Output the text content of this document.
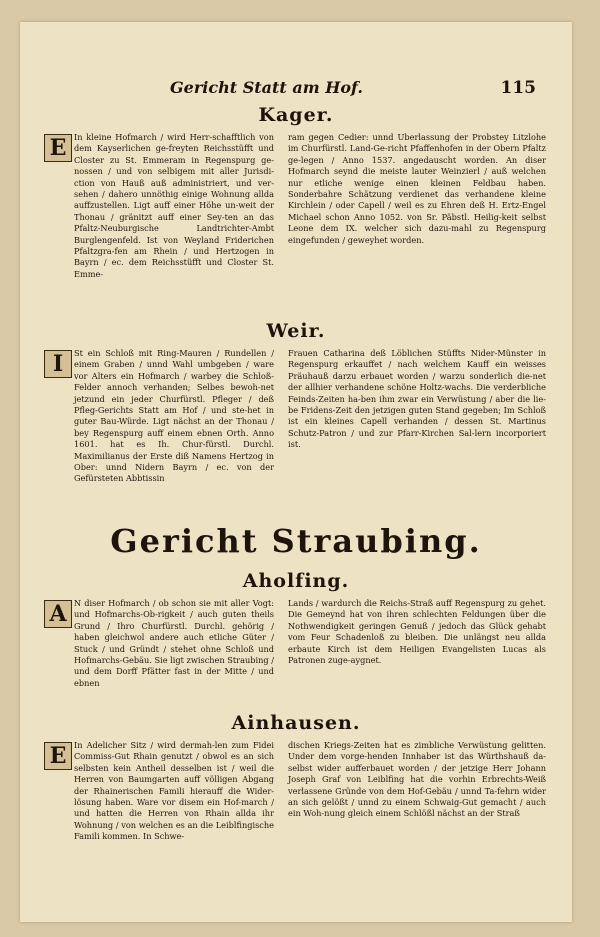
Gericht Statt am Hof.	115
Kager.
E In kleine Hofmarch / wird Herr-schafftlich von dem Kayserlichen ge-freyten Reichsstüfft und Closter zu St. Emmeram in Regenspurg ge-nossen / und von selbigem mit aller Jurisdi-ction von Hauß auß administriert, und ver-sehen / dahero unnöthig einige Wohnung allda auffzustellen. Ligt auff einer Höhe un-weit der Thonau / gränitzt auff einer Sey-ten an das Pfaltz-Neuburgische Landtrichter-Ambt Burglengenfeld. Ist von Weyland Friderichen Pfaltzgra-fen am Rhein / und Hertzogen in Bayrn / ec. dem Reichsstüfft und Closter St. Emme-

ram gegen Cedier: unnd Uberlassung der Probstey Litzlohe im Churfürstl. Land-Ge-richt Pfaffenhofen in der Obern Pfaltz ge-legen / Anno 1537. angedauscht worden. An diser Hofmarch seynd die meiste lauter Weinzierl / auß welchen nur etliche wenige einen kleinen Feldbau haben. Sonderbahre Schätzung verdienet das verhandene kleine Kirchlein / oder Capell / weil es zu Ehren deß H. Ertz-Engel Michael schon Anno 1052. von Sr. Päbstl. Heilig-keit selbst Leone dem IX. welcher sich dazu-mahl zu Regenspurg eingefunden / geweyhet worden.

Weir.
I	St ein Schloß mit Ring-Mauren / Rundellen / einem Graben / unnd Wahl umbgeben / ware vor Alters ein Hofmarch / warbey die Schloß-Felder annoch verhanden; Selbes bewoh-net jetzund ein jeder Churfürstl. Pfleger / deß Pfleg-Gerichts Statt am Hof / und ste-het in guter Bau-Würde. Ligt nächst an der Thonau / bey Regenspurg auff einem ebnen Orth. Anno 1601. hat es Ih. Chur-fürstl. Durchl. Maximilianus der Erste diß Namens Hertzog in Ober: unnd Nidern Bayrn / ec. von der Gefürsteten Abbtissin

Frauen Catharina deß Löblichen Stüffts Nider-Münster in Regenspurg erkauffet / nach welchem Kauff ein weisses Präuhauß darzu erbauet worden / warzu sonderlich die-net der allhier verhandene schöne Holtz-wachs. Die verderbliche Feinds-Zeiten ha-ben ihm zwar ein Verwüstung / aber die lie-be Fridens-Zeit den jetzigen guten Stand gegeben; Im Schloß ist ein kleines Capell verhanden / dessen St. Martinus Schutz-Patron / und zur Pfarr-Kirchen Sal-lern incorporiert ist.

Gericht Straubing.
Aholfing.
A N diser Hofmarch / ob schon sie mit aller Vogt: und Hofmarchs-Ob-rigkeit / auch guten theils Grund / Ihro Churfürstl. Durchl. gehörig / haben gleichwol andere auch etliche Güter / Stuck / und Gründt / stehet ohne Schloß und Hofmarchs-Gebäu. Sie ligt zwischen Straubing / und dem Dorff Pfätter fast in der Mitte / und ebnen

Lands / wardurch die Reichs-Straß auff Regenspurg zu gehet. Die Gemeynd hat von ihren schlechten Feldungen über die Nothwendigkeit geringen Genuß / jedoch das Glück gehabt vom Feur Schadenloß zu bleiben. Die unlängst neu allda erbaute Kirch ist dem Heiligen Evangelisten Lucas als Patronen zuge-aygnet.

Ainhausen.
E In Adelicher Sitz / wird dermah-len zum Fidei Commiss-Gut Rhain genutzt / obwol es an sich selbsten kein Antheil desselben ist / weil die Herren von Baumgarten auff völligen Abgang der Rhainerischen Famili hierauff die Wider-lösung haben. Ware vor disem ein Hof-march / und hatten die Herren von Rhain allda ihr Wohnung / von welchen es an die Leiblfingische Famili kommen. In Schwe-

dischen Kriegs-Zeiten hat es zimbliche Verwüstung gelitten. Under dem vorge-henden Innhaber ist das Würthshauß da-selbst wider aufferbauet worden / der jetzige Herr Johann Joseph Graf von Leiblfing hat die vorhin Erbrechts-Weiß verlassene Gründe von dem Hof-Gebäu / unnd Ta-fehrn wider an sich gelößt / unnd zu einem Schwaig-Gut gemacht / auch ein Woh-nung gleich einem Schlößl nächst an der Straß
